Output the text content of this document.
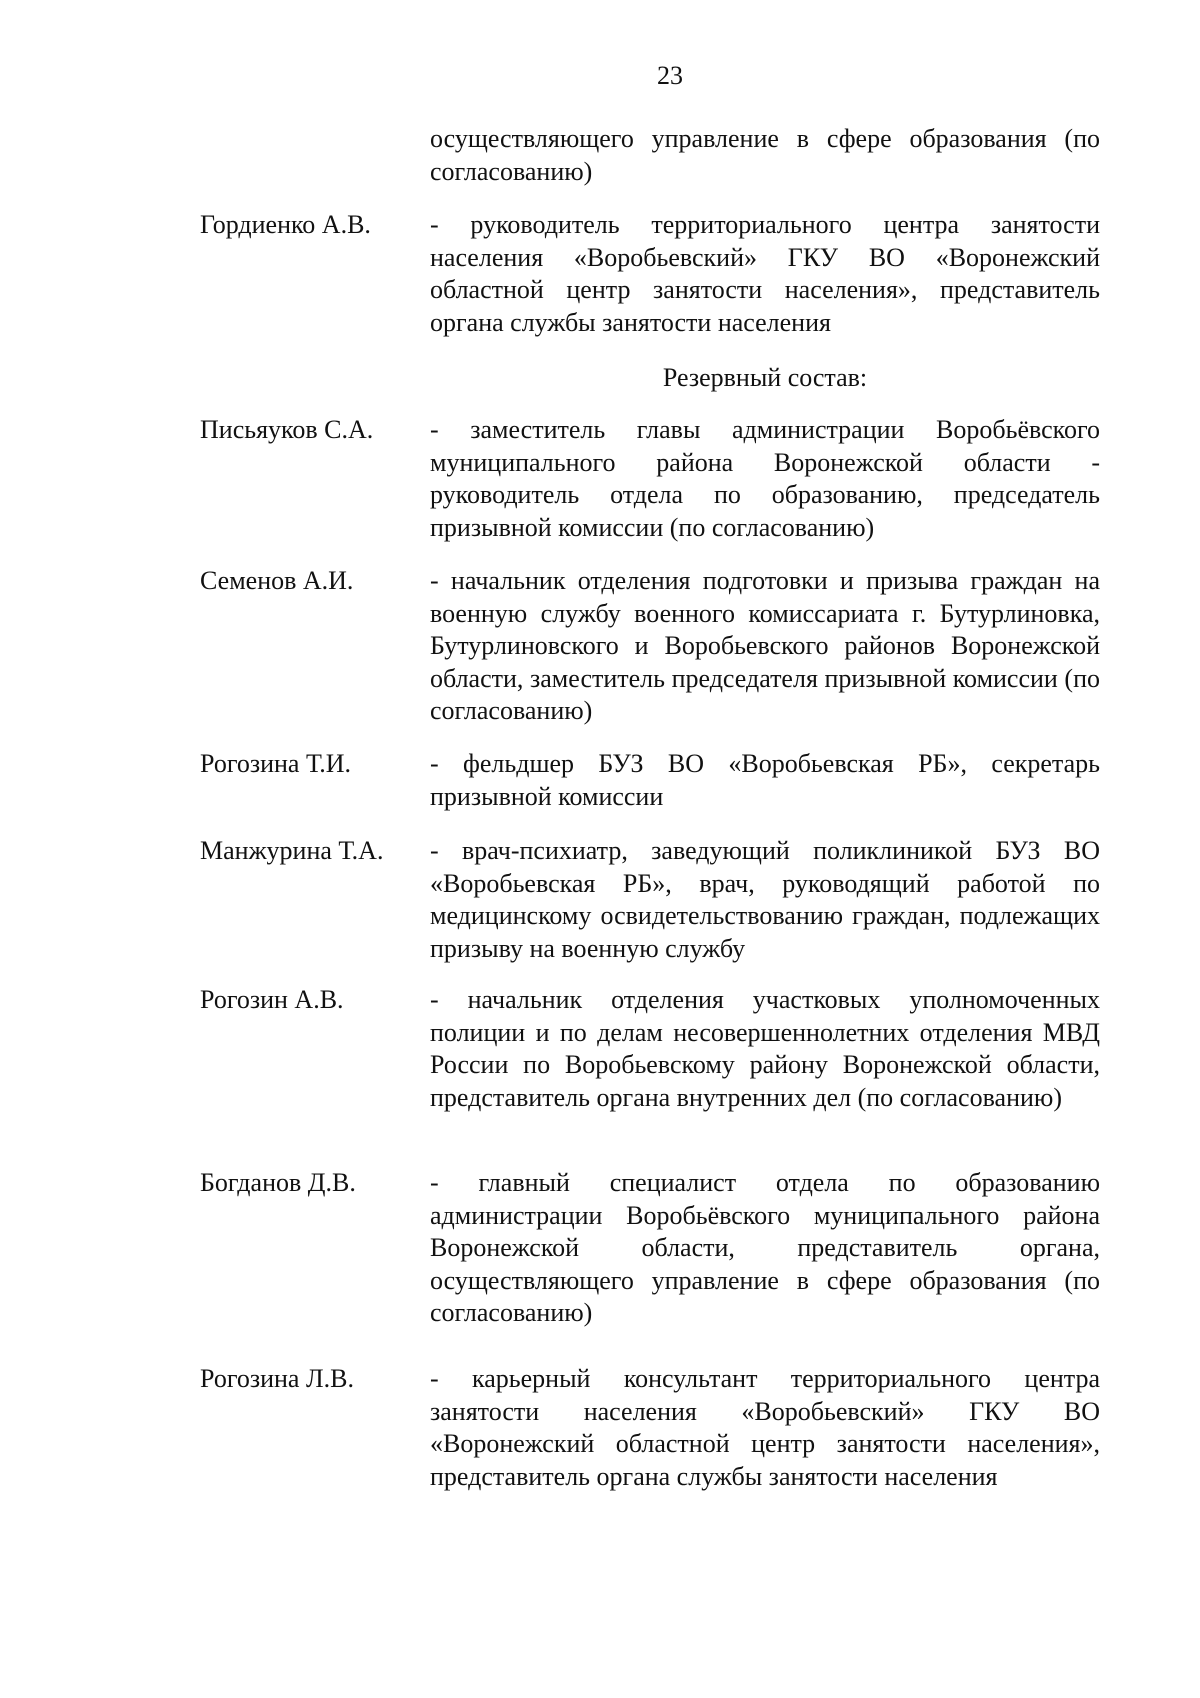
23
осуществляющего управление в сфере образования (по согласованию)
Гордиенко А.В.	- руководитель территориального центра занятости населения «Воробьевский» ГКУ ВО «Воронежский областной центр занятости населения», представитель органа службы занятости населения
Резервный состав:
Письяуков С.А.	- заместитель главы администрации Воробьёвского муниципального района Воронежской области - руководитель отдела по образованию, председатель призывной комиссии (по согласованию)
Семенов А.И.	- начальник отделения подготовки и призыва граждан на военную службу военного комиссариата г. Бутурлиновка, Бутурлиновского и Воробьевского районов Воронежской области, заместитель председателя призывной комиссии (по согласованию)
Рогозина Т.И.	- фельдшер БУЗ ВО «Воробьевская РБ», секретарь призывной комиссии
Манжурина Т.А.	- врач-психиатр, заведующий поликлиникой БУЗ ВО «Воробьевская РБ», врач, руководящий работой по медицинскому освидетельствованию граждан, подлежащих призыву на военную службу
Рогозин А.В.	- начальник отделения участковых уполномоченных полиции и по делам несовершеннолетних отделения МВД России по Воробьевскому району Воронежской области, представитель органа внутренних дел (по согласованию)
Богданов Д.В.	- главный специалист отдела по образованию администрации Воробьёвского муниципального района Воронежской области, представитель органа, осуществляющего управление в сфере образования (по согласованию)
Рогозина Л.В.	- карьерный консультант территориального центра занятости населения «Воробьевский» ГКУ ВО «Воронежский областной центр занятости населения», представитель органа службы занятости населения
